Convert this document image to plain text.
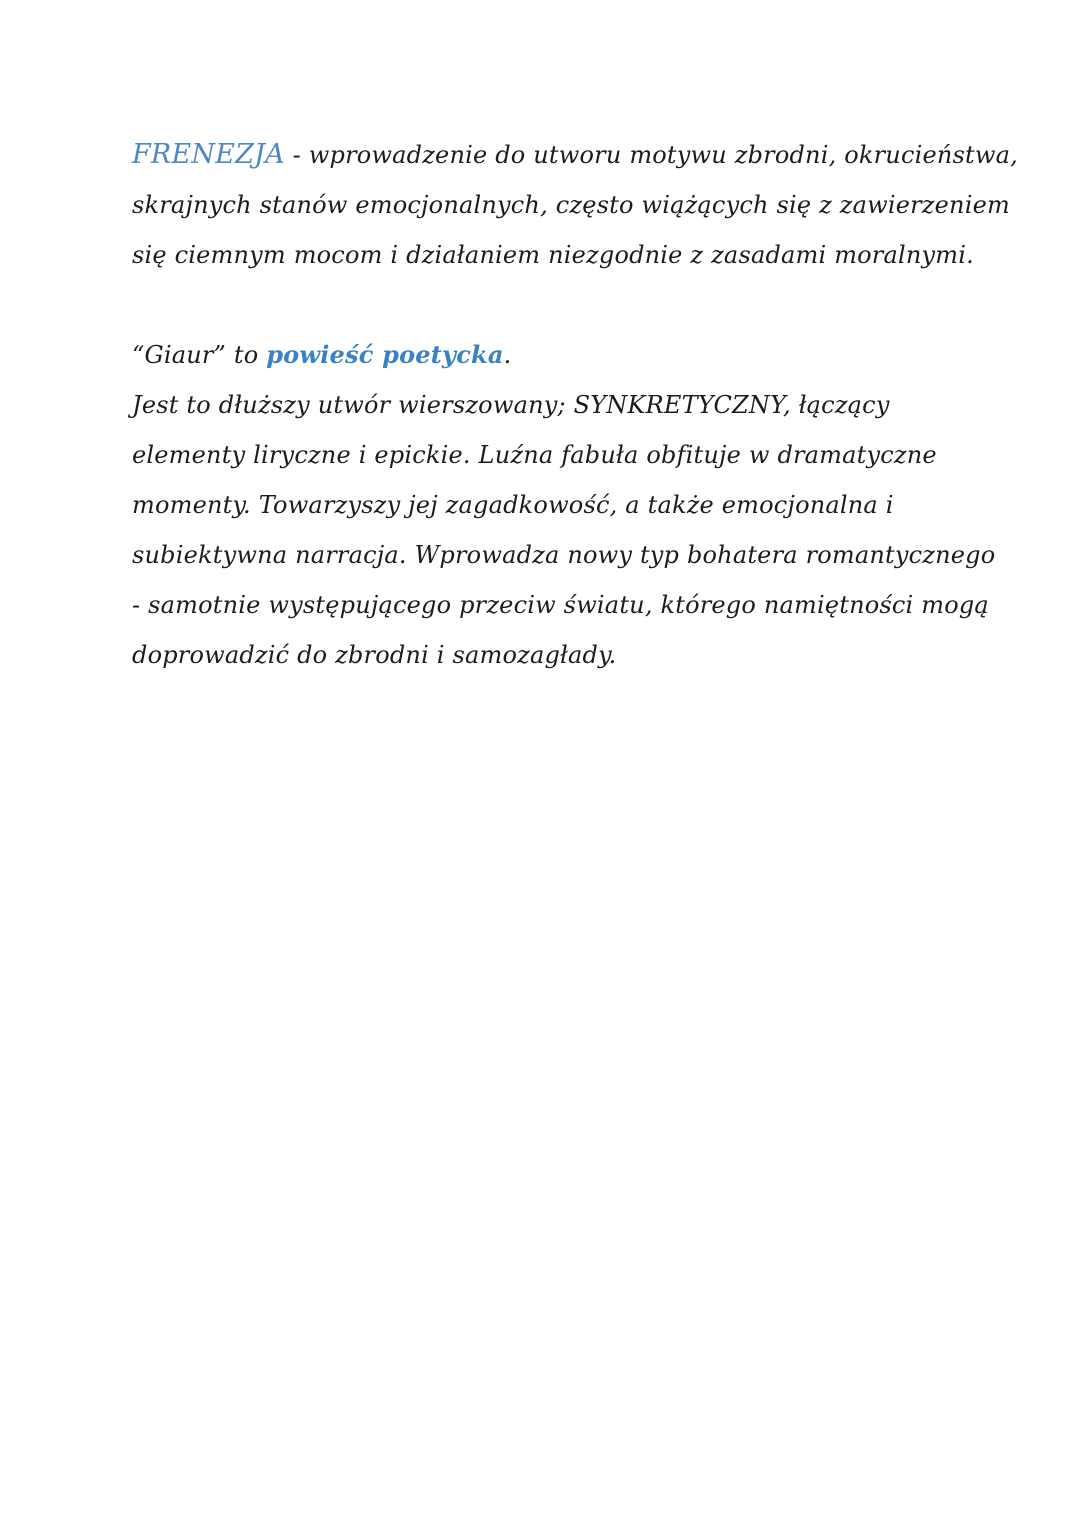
FRENEZJA - wprowadzenie do utworu motywu zbrodni, okrucieństwa,
skrajnych stanów emocjonalnych, często wiążących się z zawierzeniem
się ciemnym mocom i działaniem niezgodnie z zasadami moralnymi.
“Giaur” to powieść poetycka.
Jest to dłuższy utwór wierszowany; SYNKRETYCZNY, łączący
elementy liryczne i epickie. Luźna fabuła obfituje w dramatyczne
momenty. Towarzyszy jej zagadkowość, a także emocjonalna i
subiektywna narracja. Wprowadza nowy typ bohatera romantycznego
- samotnie występującego przeciw światu, którego namiętności mogą
doprowadzić do zbrodni i samozagłady.
